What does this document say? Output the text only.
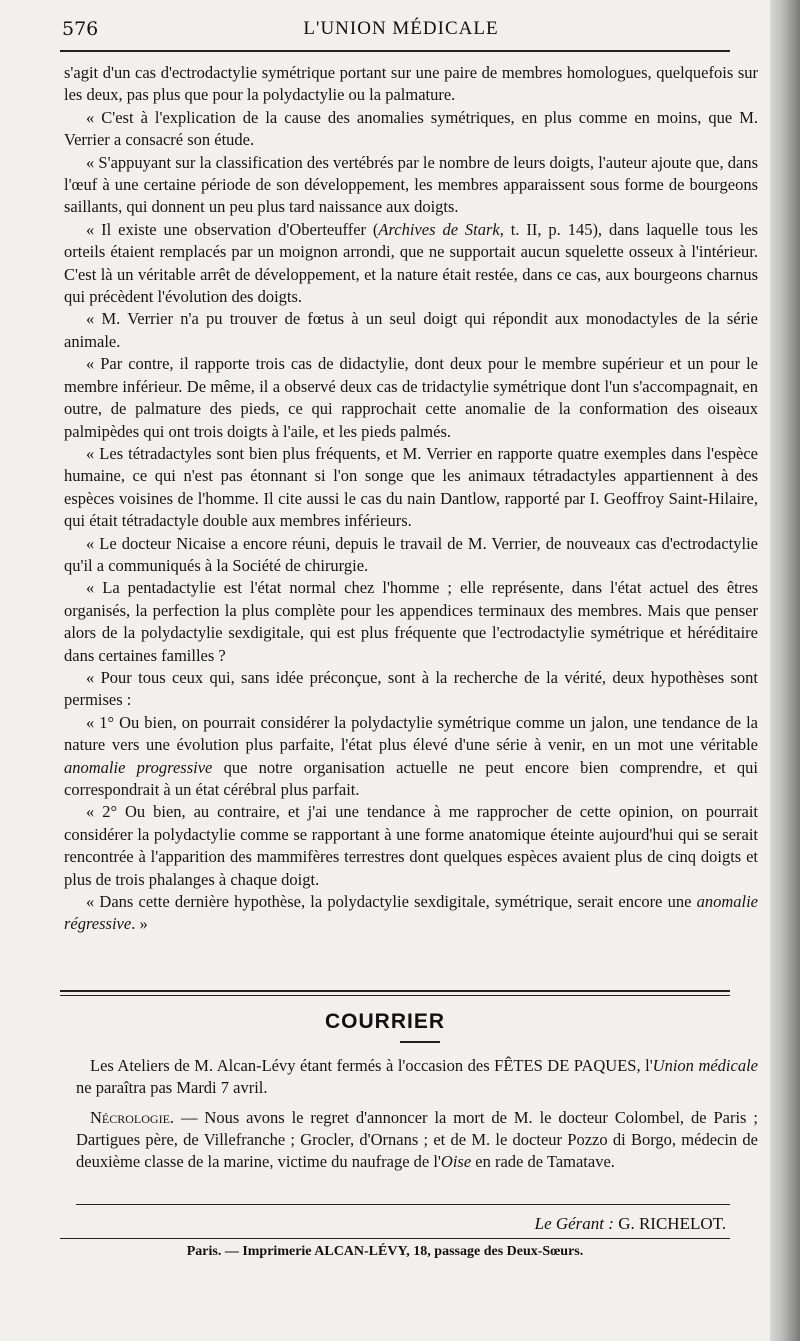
576	L'UNION MÉDICALE

s'agit d'un cas d'ectrodactylie symétrique portant sur une paire de membres homologues, quelquefois sur les deux, pas plus que pour la polydactylie ou la palmature.

« C'est à l'explication de la cause des anomalies symétriques, en plus comme en moins, que M. Verrier a consacré son étude.

« S'appuyant sur la classification des vertébrés par le nombre de leurs doigts, l'auteur ajoute que, dans l'œuf à une certaine période de son développement, les membres apparaissent sous forme de bourgeons saillants, qui donnent un peu plus tard naissance aux doigts.

« Il existe une observation d'Oberteuffer (Archives de Stark, t. II, p. 145), dans laquelle tous les orteils étaient remplacés par un moignon arrondi, que ne supportait aucun squelette osseux à l'intérieur. C'est là un véritable arrêt de développement, et la nature était restée, dans ce cas, aux bourgeons charnus qui précèdent l'évolution des doigts.

« M. Verrier n'a pu trouver de fœtus à un seul doigt qui répondit aux monodactyles de la série animale.

« Par contre, il rapporte trois cas de didactylie, dont deux pour le membre supérieur et un pour le membre inférieur. De même, il a observé deux cas de tridactylie symétrique dont l'un s'accompagnait, en outre, de palmature des pieds, ce qui rapprochait cette anomalie de la conformation des oiseaux palmipèdes qui ont trois doigts à l'aile, et les pieds palmés.

« Les tétradactyles sont bien plus fréquents, et M. Verrier en rapporte quatre exemples dans l'espèce humaine, ce qui n'est pas étonnant si l'on songe que les animaux tétradactyles appartiennent à des espèces voisines de l'homme. Il cite aussi le cas du nain Dantlow, rapporté par I. Geoffroy Saint-Hilaire, qui était tétradactyle double aux membres inférieurs.

« Le docteur Nicaise a encore réuni, depuis le travail de M. Verrier, de nouveaux cas d'ectrodactylie qu'il a communiqués à la Société de chirurgie.

« La pentadactylie est l'état normal chez l'homme ; elle représente, dans l'état actuel des êtres organisés, la perfection la plus complète pour les appendices terminaux des membres. Mais que penser alors de la polydactylie sexdigitale, qui est plus fréquente que l'ectrodactylie symétrique et héréditaire dans certaines familles ?

« Pour tous ceux qui, sans idée préconçue, sont à la recherche de la vérité, deux hypothèses sont permises :

« 1° Ou bien, on pourrait considérer la polydactylie symétrique comme un jalon, une tendance de la nature vers une évolution plus parfaite, l'état plus élevé d'une série à venir, en un mot une véritable anomalie progressive que notre organisation actuelle ne peut encore bien comprendre, et qui correspondrait à un état cérébral plus parfait.

« 2° Ou bien, au contraire, et j'ai une tendance à me rapprocher de cette opinion, on pourrait considérer la polydactylie comme se rapportant à une forme anatomique éteinte aujourd'hui qui se serait rencontrée à l'apparition des mammifères terrestres dont quelques espèces avaient plus de cinq doigts et plus de trois phalanges à chaque doigt.

« Dans cette dernière hypothèse, la polydactylie sexdigitale, symétrique, serait encore une anomalie régressive. »

COURRIER

Les Ateliers de M. Alcan-Lévy étant fermés à l'occasion des FÊTES DE PAQUES, l'Union médicale ne paraîtra pas Mardi 7 avril.

Nécrologie. — Nous avons le regret d'annoncer la mort de M. le docteur Colombel, de Paris ; Dartigues père, de Villefranche ; Grocler, d'Ornans ; et de M. le docteur Pozzo di Borgo, médecin de deuxième classe de la marine, victime du naufrage de l'Oise en rade de Tamatave.

Le Gérant : G. RICHELOT.
Paris. — Imprimerie ALCAN-LÉVY, 18, passage des Deux-Sœurs.
